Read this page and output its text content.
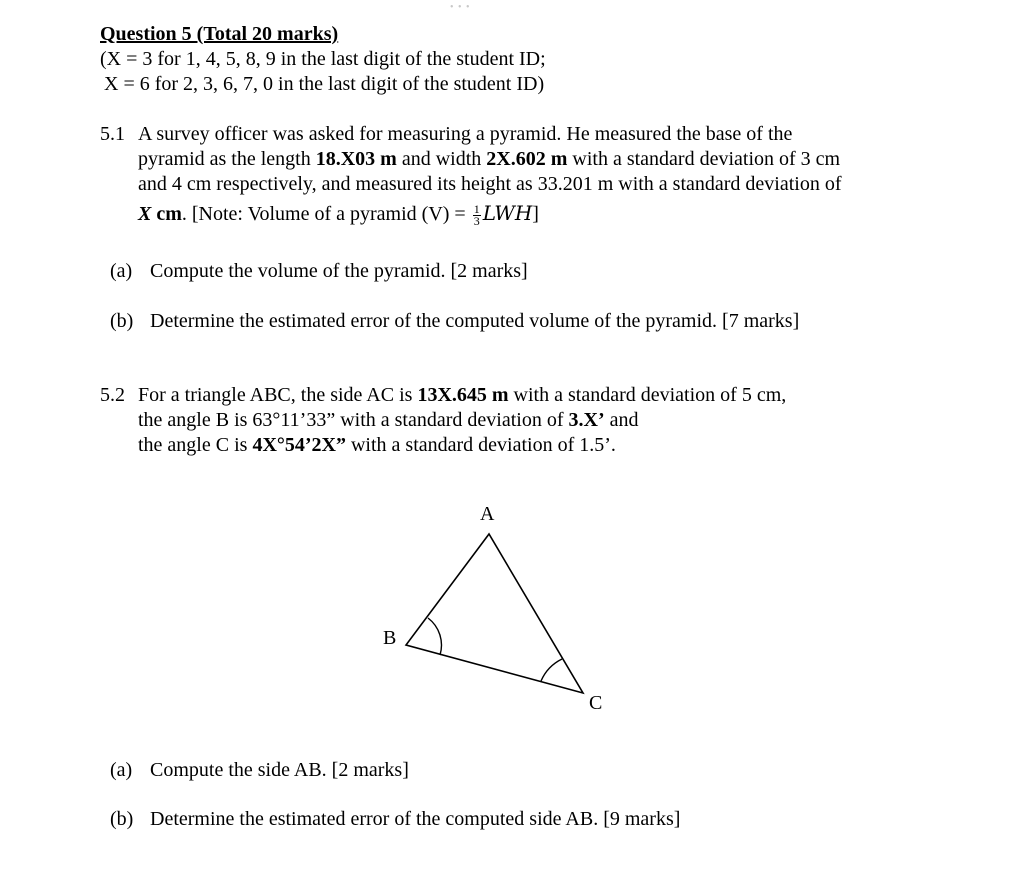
• • •
Question 5 (Total 20 marks)
(X = 3 for 1, 4, 5, 8, 9 in the last digit of the student ID;
X = 6 for 2, 3, 6, 7, 0 in the last digit of the student ID)
5.1 A survey officer was asked for measuring a pyramid. He measured the base of the
pyramid as the length 18.X03 m and width 2X.602 m with a standard deviation of 3 cm
and 4 cm respectively, and measured its height as 33.201 m with a standard deviation of
X cm. [Note: Volume of a pyramid $(V) = \frac{1}{3} LWH$]
(a) Compute the volume of the pyramid. [2 marks]
(b) Determine the estimated error of the computed volume of the pyramid. [7 marks]
5.2 For a triangle ABC, the side AC is 13X.645 m with a standard deviation of 5 cm,
the angle B is 63°11’33” with a standard deviation of 3.X’ and
the angle C is 4X°54’2X” with a standard deviation of 1.5’.
A
B
C
(a) Compute the side AB. [2 marks]
(b) Determine the estimated error of the computed side AB. [9 marks]
